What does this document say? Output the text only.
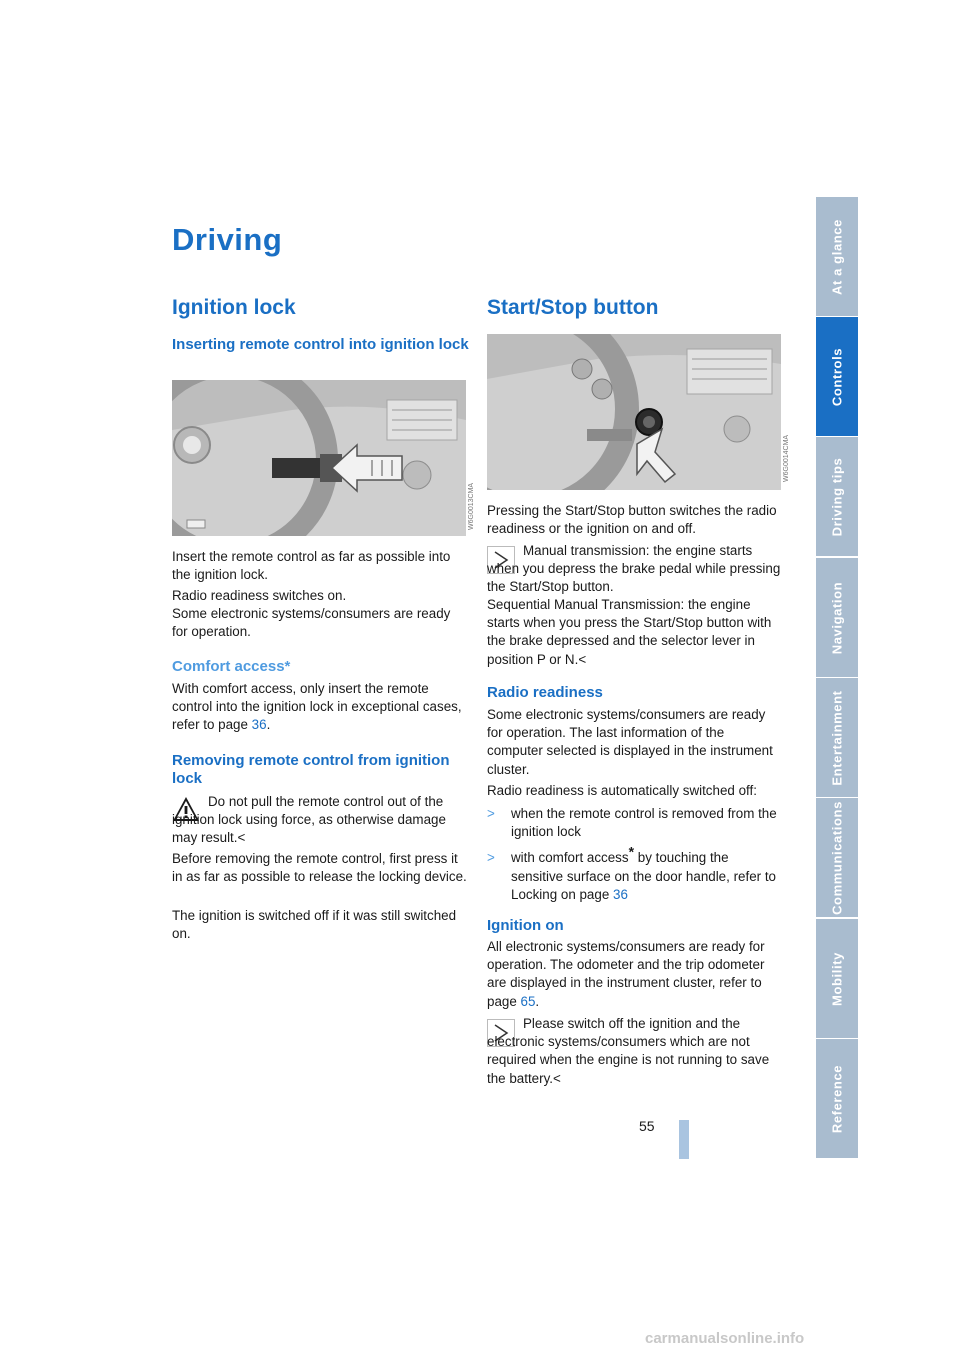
Driving
Ignition lock
Inserting remote control into ignition lock
W6G0013CMA

Insert the remote control as far as possible into the ignition lock.

Radio readiness switches on.
Some electronic systems/consumers are ready for operation.

Comfort access*

With comfort access, only insert the remote control into the ignition lock in exceptional cases, refer to page 36.

Removing remote control from ignition lock

Do not pull the remote control out of the ignition lock using force, as otherwise damage may result.<

Before removing the remote control, first press it in as far as possible to release the locking device.

The ignition is switched off if it was still switched on.

Start/Stop button
W6G0014CMA

Pressing the Start/Stop button switches the radio readiness or the ignition on and off.

Manual transmission: the engine starts when you depress the brake pedal while pressing the Start/Stop button.

Sequential Manual Transmission: the engine starts when you press the Start/Stop button with the brake depressed and the selector lever in position P or N.<

Radio readiness

Some electronic systems/consumers are ready for operation. The last information of the computer selected is displayed in the instrument cluster.

Radio readiness is automatically switched off:

> when the remote control is removed from the ignition lock
> with comfort access* by touching the sensitive surface on the door handle, refer to Locking on page 36
Ignition on

All electronic systems/consumers are ready for operation. The odometer and the trip odometer are displayed in the instrument cluster, refer to page 65.

Please switch off the ignition and the electronic systems/consumers which are not required when the engine is not running to save the battery.<

55
At a glance
Controls
Driving tips
Navigation
Entertainment
Communications
Mobility
Reference
carmanualsonline.info
